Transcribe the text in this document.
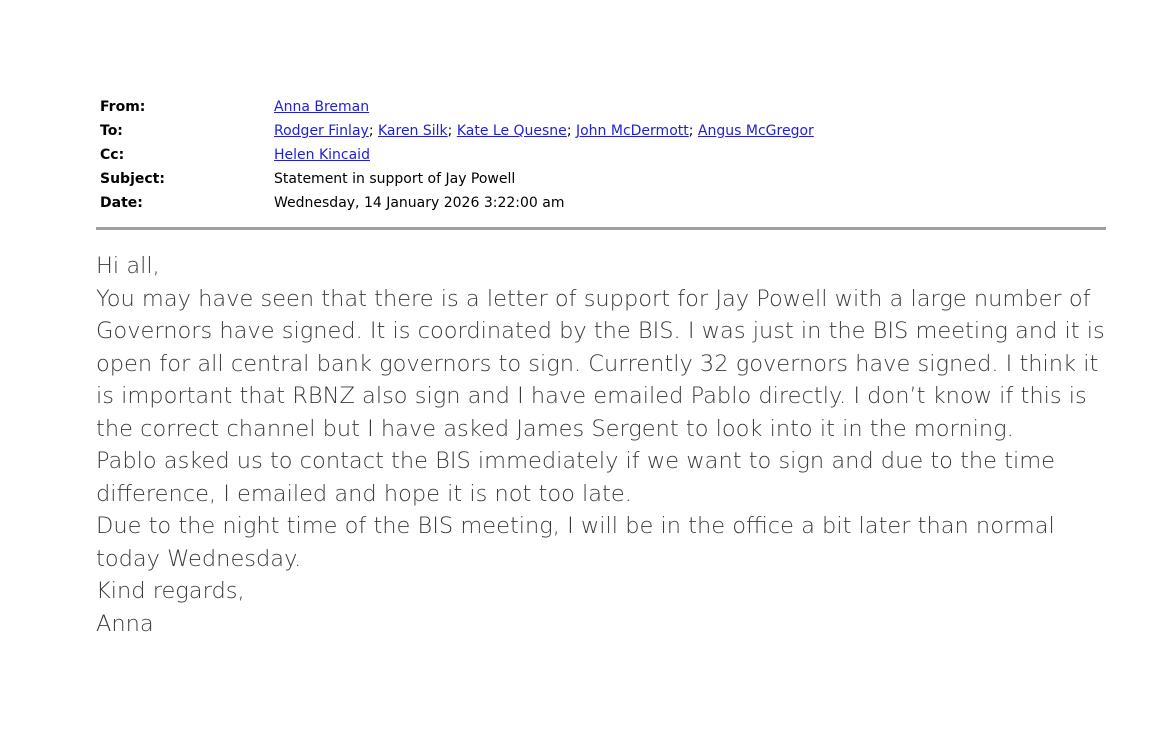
From:	Anna Breman
To:	Rodger Finlay; Karen Silk; Kate Le Quesne; John McDermott; Angus McGregor
Cc:	Helen Kincaid
Subject:	Statement in support of Jay Powell
Date:	Wednesday, 14 January 2026 3:22:00 am

Hi all,

You may have seen that there is a letter of support for Jay Powell with a large number of Governors have signed. It is coordinated by the BIS. I was just in the BIS meeting and it is open for all central bank governors to sign. Currently 32 governors have signed. I think it is important that RBNZ also sign and I have emailed Pablo directly. I don’t know if this is the correct channel but I have asked James Sergent to look into it in the morning.

Pablo asked us to contact the BIS immediately if we want to sign and due to the time difference, I emailed and hope it is not too late.

Due to the night time of the BIS meeting, I will be in the office a bit later than normal today Wednesday.

Kind regards,

Anna
